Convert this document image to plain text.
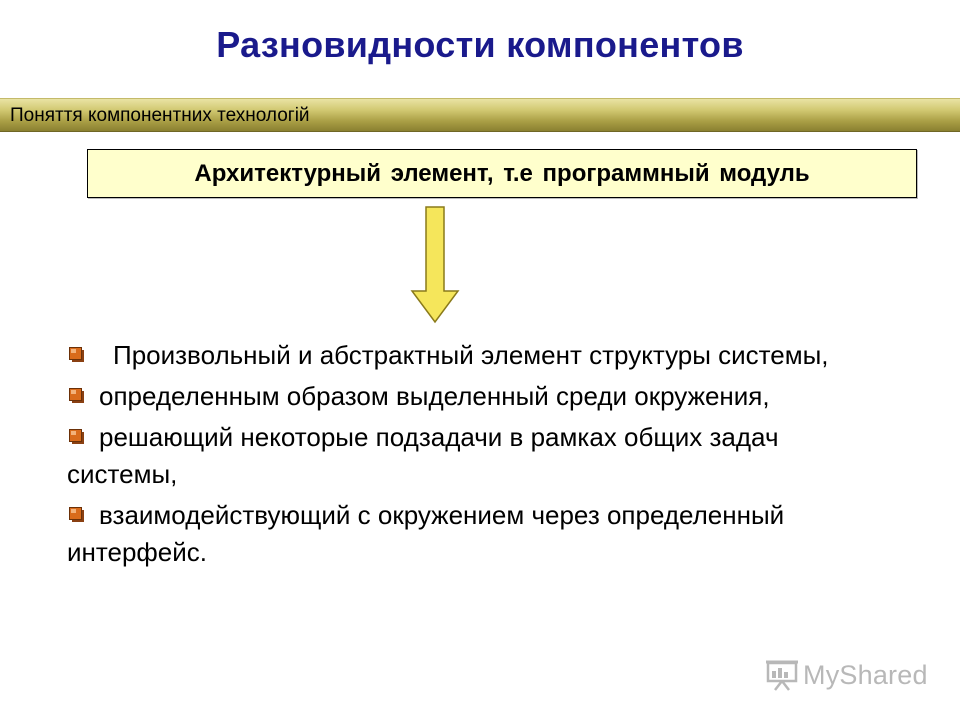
Разновидности компонентов
Поняття компонентних технологій
Архитектурный элемент, т.е программный модуль
Произвольный и абстрактный элемент структуры системы,
определенным образом выделенный среди окружения,
решающий некоторые подзадачи в рамках общих задач системы,
взаимодействующий с окружением через определенный интерфейс.
MyShared
